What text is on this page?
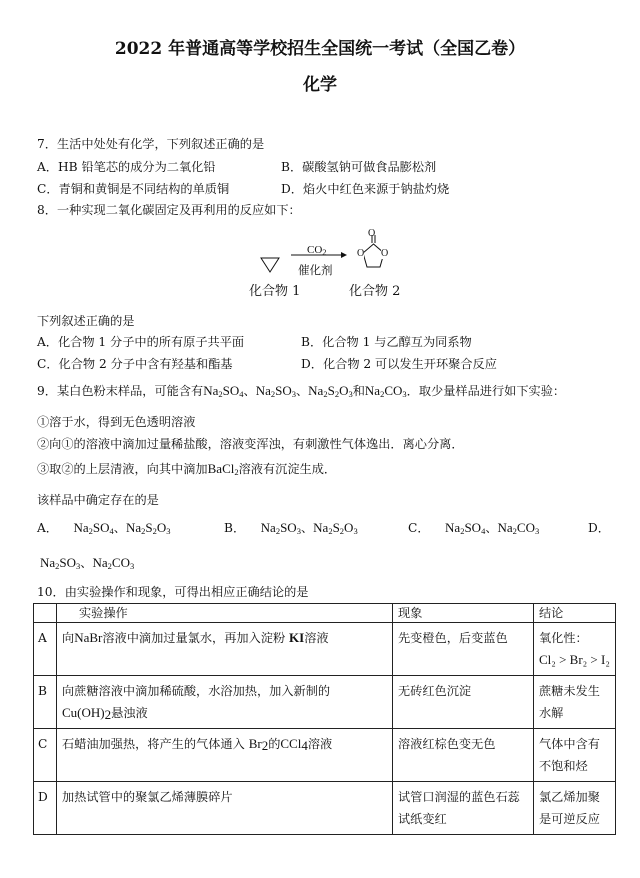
2022 年普通高等学校招生全国统一考试（全国乙卷）
化学
7．生活中处处有化学，下列叙述正确的是
A．HB 铅笔芯的成分为二氧化铅	B．碳酸氢钠可做食品膨松剂
C．青铜和黄铜是不同结构的单质铜	D．焰火中红色来源于钠盐灼烧
8．一种实现二氧化碳固定及再利用的反应如下：
O
O O
$CO_2$
催化剂
化合物 1	化合物 2
下列叙述正确的是
A．化合物 1 分子中的所有原子共平面	B．化合物 1 与乙醇互为同系物
C．化合物 2 分子中含有羟基和酯基	D．化合物 2 可以发生开环聚合反应
9．某白色粉末样品，可能含有$Na_2SO_4$、$Na_2SO_3$、$Na_2S_2O_3$和$Na_2CO_3$．取少量样品进行如下实验：
①溶于水，得到无色透明溶液
②向①的溶液中滴加过量稀盐酸，溶液变浑浊，有刺激性气体逸出．离心分离．
③取②的上层清液，向其中滴加BaCl$_2$溶液有沉淀生成．
该样品中确定存在的是
A． $Na_2SO_4$、$Na_2S_2O_3$	B． $Na_2SO_3$、$Na_2S_2O_3$	C． $Na_2SO_4$、$Na_2CO_3$	D．
$Na_2SO_3$、$Na_2CO_3$
10．由实验操作和现象，可得出相应正确结论的是
	实验操作	现象	结论
A	向NaBr溶液中滴加过量氯水，再加入淀粉 KI溶液	先变橙色，后变蓝色	氧化性：
Cl₂ > Br₂ > I₂

B	向蔗糖溶液中滴加稀硫酸，水浴加热，加入新制的
$Cu(OH)_2$悬浊液	无砖红色沉淀	蔗糖未发生水解
C	石蜡油加强热，将产生的气体通入 $Br_2$的CCl$_4$溶液	溶液红棕色变无色	气体中含有不饱和烃
D	加热试管中的聚氯乙烯薄膜碎片	试管口润湿的蓝色石蕊试纸变红	氯乙烯加聚是可逆反应
